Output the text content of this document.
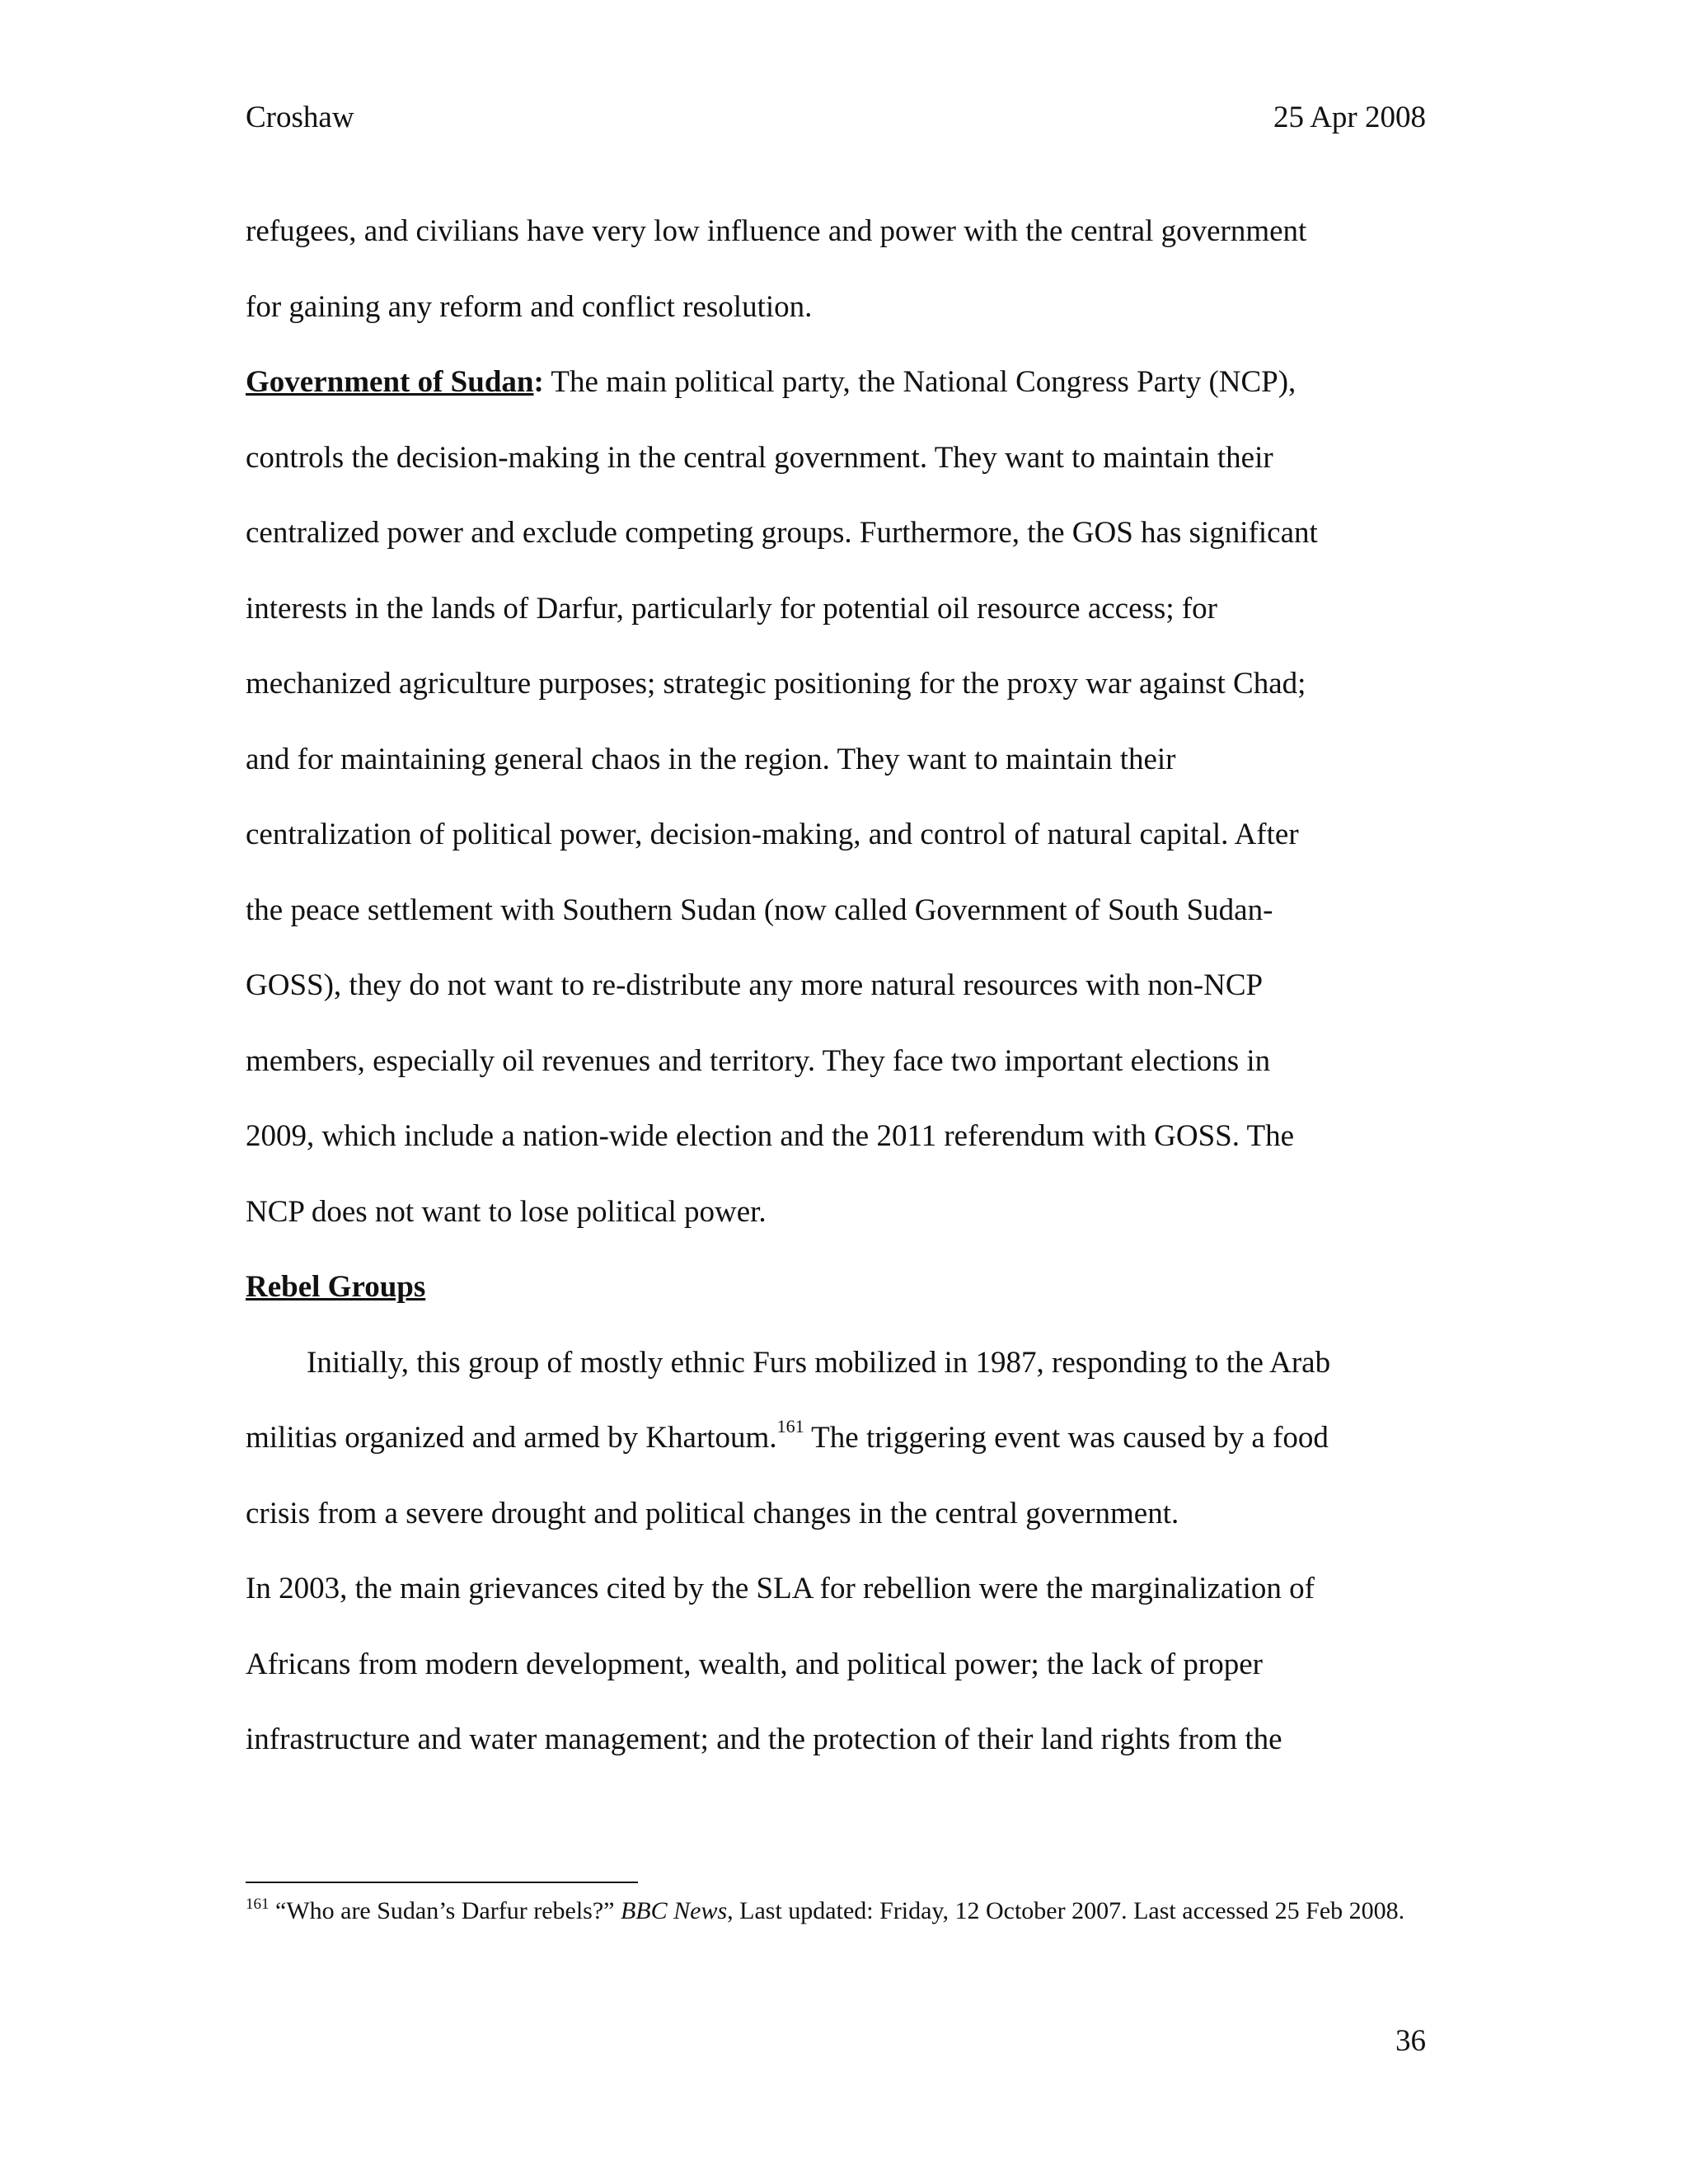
Croshaw	25 Apr 2008
refugees, and civilians have very low influence and power with the central government
for gaining any reform and conflict resolution.
Government of Sudan: The main political party, the National Congress Party (NCP),
controls the decision-making in the central government. They want to maintain their
centralized power and exclude competing groups. Furthermore, the GOS has significant
interests in the lands of Darfur, particularly for potential oil resource access; for
mechanized agriculture purposes; strategic positioning for the proxy war against Chad;
and for maintaining general chaos in the region. They want to maintain their
centralization of political power, decision-making, and control of natural capital. After
the peace settlement with Southern Sudan (now called Government of South Sudan-
GOSS), they do not want to re-distribute any more natural resources with non-NCP
members, especially oil revenues and territory. They face two important elections in
2009, which include a nation-wide election and the 2011 referendum with GOSS. The
NCP does not want to lose political power.
Rebel Groups
Initially, this group of mostly ethnic Furs mobilized in 1987, responding to the Arab
militias organized and armed by Khartoum.$^{161}$ The triggering event was caused by a food
crisis from a severe drought and political changes in the central government.
In 2003, the main grievances cited by the SLA for rebellion were the marginalization of
Africans from modern development, wealth, and political power; the lack of proper
infrastructure and water management; and the protection of their land rights from the
$^{161}$ “Who are Sudan’s Darfur rebels?” BBC News, Last updated: Friday, 12 October 2007. Last accessed 25 Feb 2008.
36
